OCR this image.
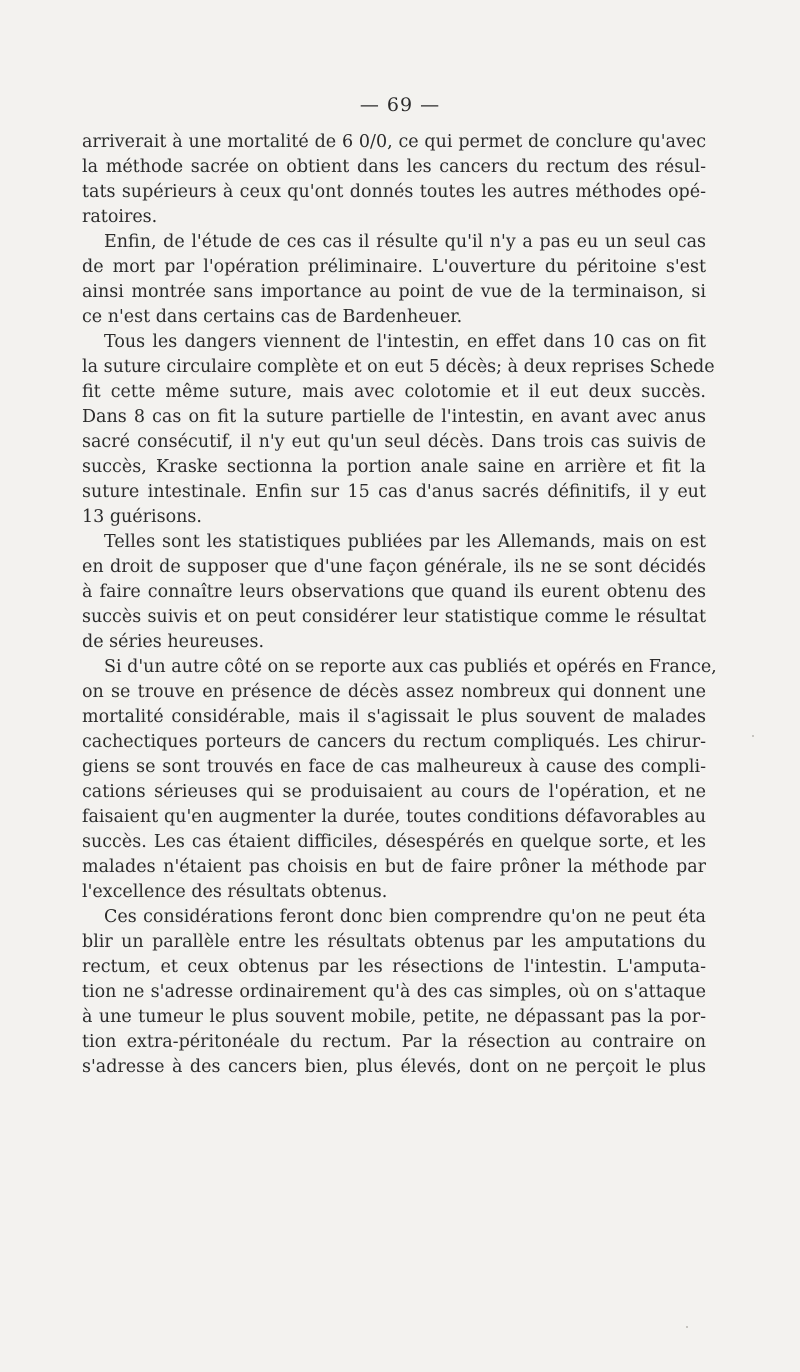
— 69 —
arriverait à une mortalité de 6 0/0, ce qui permet de conclure qu'avec
la méthode sacrée on obtient dans les cancers du rectum des résul-
tats supérieurs à ceux qu'ont donnés toutes les autres méthodes opé-
ratoires.
Enfin, de l'étude de ces cas il résulte qu'il n'y a pas eu un seul cas
de mort par l'opération préliminaire. L'ouverture du péritoine s'est
ainsi montrée sans importance au point de vue de la terminaison, si
ce n'est dans certains cas de Bardenheuer.
Tous les dangers viennent de l'intestin, en effet dans 10 cas on fit
la suture circulaire complète et on eut 5 décès; à deux reprises Schede
fit cette même suture, mais avec colotomie et il eut deux succès.
Dans 8 cas on fit la suture partielle de l'intestin, en avant avec anus
sacré consécutif, il n'y eut qu'un seul décès. Dans trois cas suivis de
succès, Kraske sectionna la portion anale saine en arrière et fit la
suture intestinale. Enfin sur 15 cas d'anus sacrés définitifs, il y eut
13 guérisons.
Telles sont les statistiques publiées par les Allemands, mais on est
en droit de supposer que d'une façon générale, ils ne se sont décidés
à faire connaître leurs observations que quand ils eurent obtenu des
succès suivis et on peut considérer leur statistique comme le résultat
de séries heureuses.
Si d'un autre côté on se reporte aux cas publiés et opérés en France,
on se trouve en présence de décès assez nombreux qui donnent une
mortalité considérable, mais il s'agissait le plus souvent de malades
cachectiques porteurs de cancers du rectum compliqués. Les chirur-
giens se sont trouvés en face de cas malheureux à cause des compli-
cations sérieuses qui se produisaient au cours de l'opération, et ne
faisaient qu'en augmenter la durée, toutes conditions défavorables au
succès. Les cas étaient difficiles, désespérés en quelque sorte, et les
malades n'étaient pas choisis en but de faire prôner la méthode par
l'excellence des résultats obtenus.
Ces considérations feront donc bien comprendre qu'on ne peut éta
blir un parallèle entre les résultats obtenus par les amputations du
rectum, et ceux obtenus par les résections de l'intestin. L'amputa-
tion ne s'adresse ordinairement qu'à des cas simples, où on s'attaque
à une tumeur le plus souvent mobile, petite, ne dépassant pas la por-
tion extra-péritonéale du rectum. Par la résection au contraire on
s'adresse à des cancers bien, plus élevés, dont on ne perçoit le plus
